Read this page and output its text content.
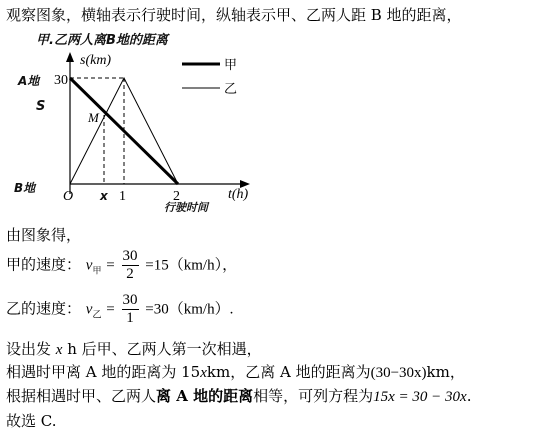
观察图象，横轴表示行驶时间，纵轴表示甲、乙两人距 B 地的距离，
甲.乙两人离B地的距离
s(km)
t(h)
A地
S
B地
x
行驶时间
30
O	1	2
M
甲
乙
由图象得，
甲的速度： $v_甲 = \frac{30}{2} =15(km/h)$，
乙的速度： $v_乙 = \frac{30}{1} =30(km/h)$.
设出发 x h 后甲、乙两人第一次相遇，
相遇时甲离 A 地的距离为 15xkm，乙离 A 地的距离为(30−30x)km，
根据相遇时甲、乙两人离 A 地的距离相等，可列方程为15x = 30 − 30x.
故选 C.
